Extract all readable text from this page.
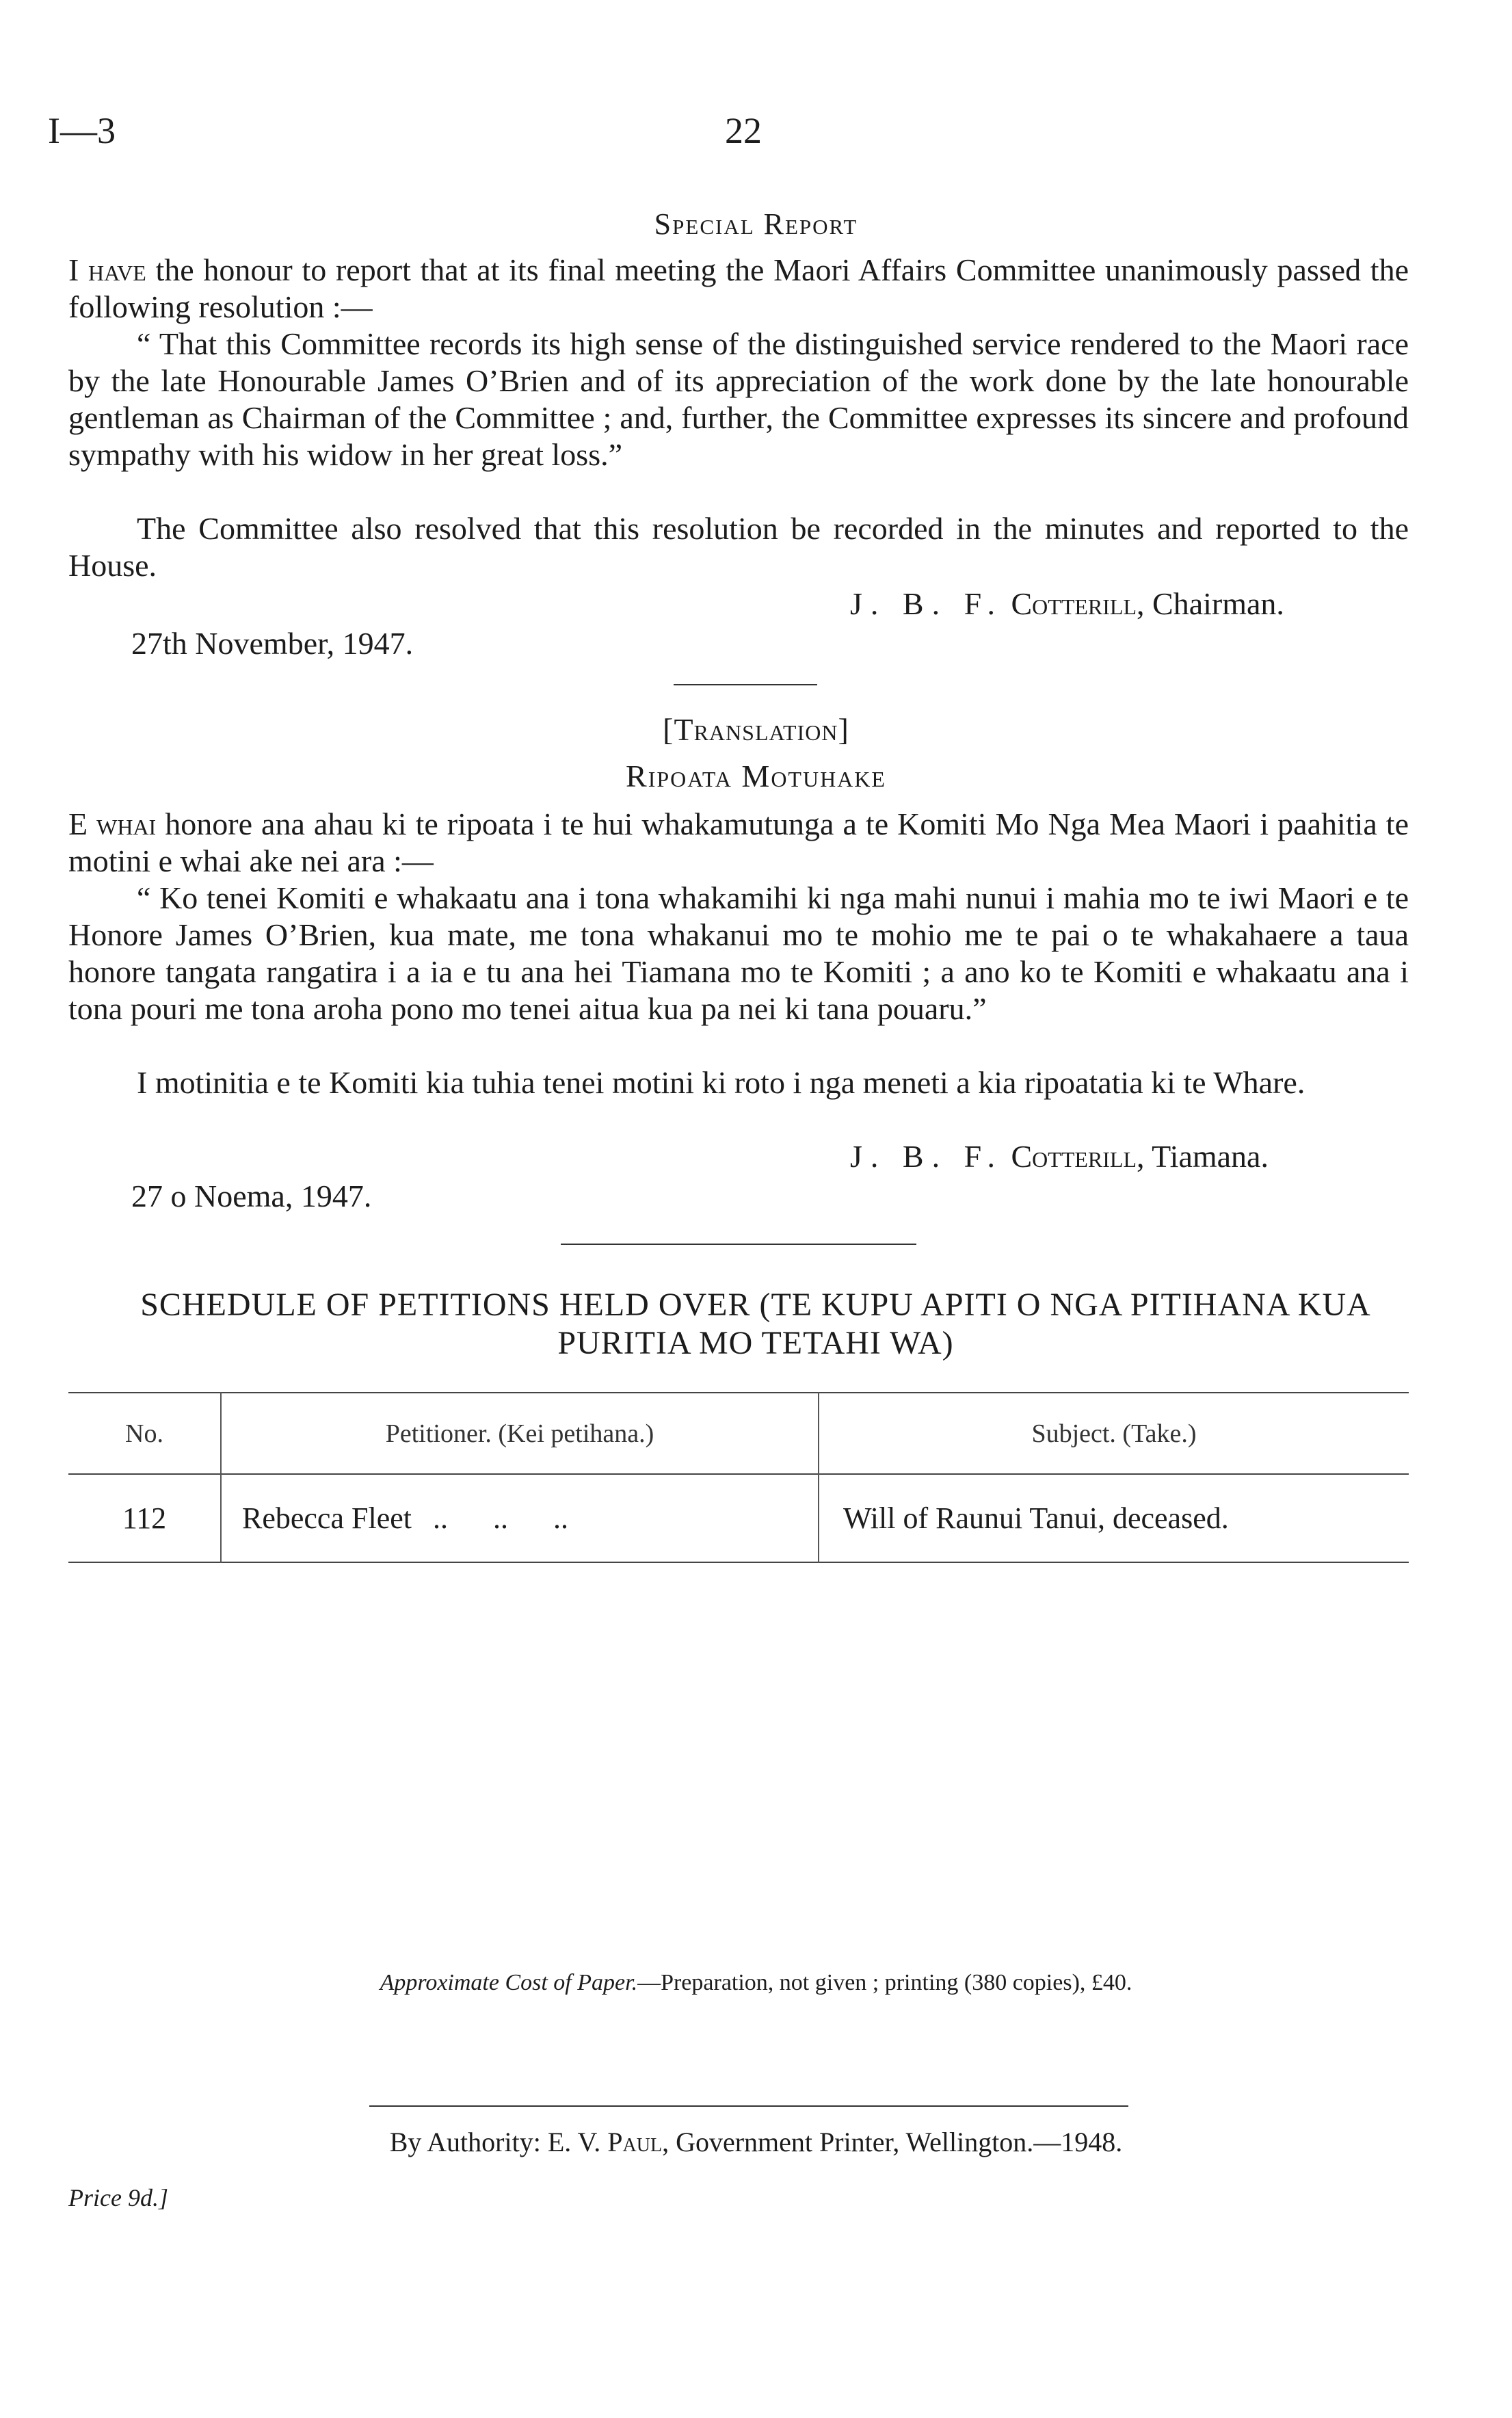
I—3	22
Special Report

I have the honour to report that at its final meeting the Maori Affairs Committee unanimously passed the following resolution :—

“ That this Committee records its high sense of the distinguished service rendered to the Maori race by the late Honourable James O’Brien and of its appreciation of the work done by the late honourable gentleman as Chairman of the Committee ; and, further, the Committee expresses its sincere and profound sympathy with his widow in her great loss.”

The Committee also resolved that this resolution be recorded in the minutes and reported to the House.

J. B. F. Cotterill, Chairman.
27th November, 1947.
[Translation]
Ripoata Motuhake

E whai honore ana ahau ki te ripoata i te hui whakamutunga a te Komiti Mo Nga Mea Maori i paahitia te motini e whai ake nei ara :—

“ Ko tenei Komiti e whakaatu ana i tona whakamihi ki nga mahi nunui i mahia mo te iwi Maori e te Honore James O’Brien, kua mate, me tona whakanui mo te mohio me te pai o te whakahaere a taua honore tangata rangatira i a ia e tu ana hei Tiamana mo te Komiti ; a ano ko te Komiti e whakaatu ana i tona pouri me tona aroha pono mo tenei aitua kua pa nei ki tana pouaru.”

I motinitia e te Komiti kia tuhia tenei motini ki roto i nga meneti a kia ripoatatia ki te Whare.

J. B. F. Cotterill, Tiamana.
27 o Noema, 1947.
SCHEDULE OF PETITIONS HELD OVER (TE KUPU APITI O NGA PITIHANA KUA PURITIA MO TETAHI WA)
No.	Petitioner. (Kei petihana.)	Subject. (Take.)
112	Rebecca Fleet ..      ..      ..	Will of Raunui Tanui, deceased.
Approximate Cost of Paper.—Preparation, not given ; printing (380 copies), £40.
By Authority: E. V. Paul, Government Printer, Wellington.—1948.
Price 9d.]
